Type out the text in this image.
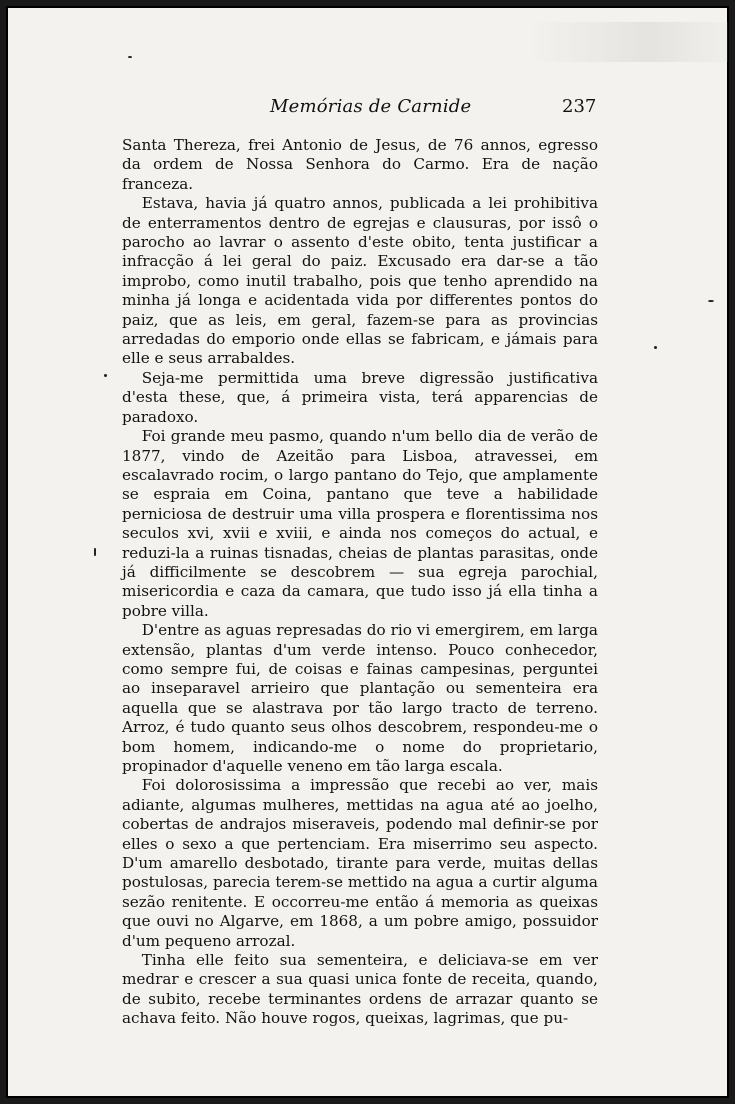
Memórias de Carnide	237

Santa Thereza, frei Antonio de Jesus, de 76 annos, egresso da ordem de Nossa Senhora do Carmo. Era de nação franceza.

Estava, havia já quatro annos, publicada a lei prohibitiva de enterramentos dentro de egrejas e clausuras, por issô o parocho ao lavrar o assento d'este obito, tenta justificar a infracção á lei geral do paiz. Excusado era dar-se a tão improbo, como inutil trabalho, pois que tenho aprendido na minha já longa e acidentada vida por differentes pontos do paiz, que as leis, em geral, fazem-se para as provincias arredadas do emporio onde ellas se fabricam, e jámais para elle e seus arrabaldes.

Seja-me permittida uma breve digressão justificativa d'esta these, que, á primeira vista, terá apparencias de paradoxo.

Foi grande meu pasmo, quando n'um bello dia de verão de 1877, vindo de Azeitão para Lisboa, atravessei, em escalavrado rocim, o largo pantano do Tejo, que amplamente se espraia em Coina, pantano que teve a habilidade perniciosa de destruir uma villa prospera e florentissima nos seculos xvi, xvii e xviii, e ainda nos começos do actual, e reduzi-la a ruinas tisnadas, cheias de plantas parasitas, onde já difficilmente se descobrem — sua egreja parochial, misericordia e caza da camara, que tudo isso já ella tinha a pobre villa.

D'entre as aguas represadas do rio vi emergirem, em larga extensão, plantas d'um verde intenso. Pouco conhecedor, como sempre fui, de coisas e fainas campesinas, perguntei ao inseparavel arrieiro que plantação ou sementeira era aquella que se alastrava por tão largo tracto de terreno. Arroz, é tudo quanto seus olhos descobrem, respondeu-me o bom homem, indicando-me o nome do proprietario, propinador d'aquelle veneno em tão larga escala.

Foi dolorosissima a impressão que recebi ao ver, mais adiante, algumas mulheres, mettidas na agua até ao joelho, cobertas de andrajos miseraveis, podendo mal definir-se por elles o sexo a que pertenciam. Era miserrimo seu aspecto. D'um amarello desbotado, tirante para verde, muitas dellas postulosas, parecia terem-se mettido na agua a curtir alguma sezão renitente. E occorreu-me então á memoria as queixas que ouvi no Algarve, em 1868, a um pobre amigo, possuidor d'um pequeno arrozal.

Tinha elle feito sua sementeira, e deliciava-se em ver medrar e crescer a sua quasi unica fonte de receita, quando, de subito, recebe terminantes ordens de arrazar quanto se achava feito. Não houve rogos, queixas, lagrimas, que pu-
